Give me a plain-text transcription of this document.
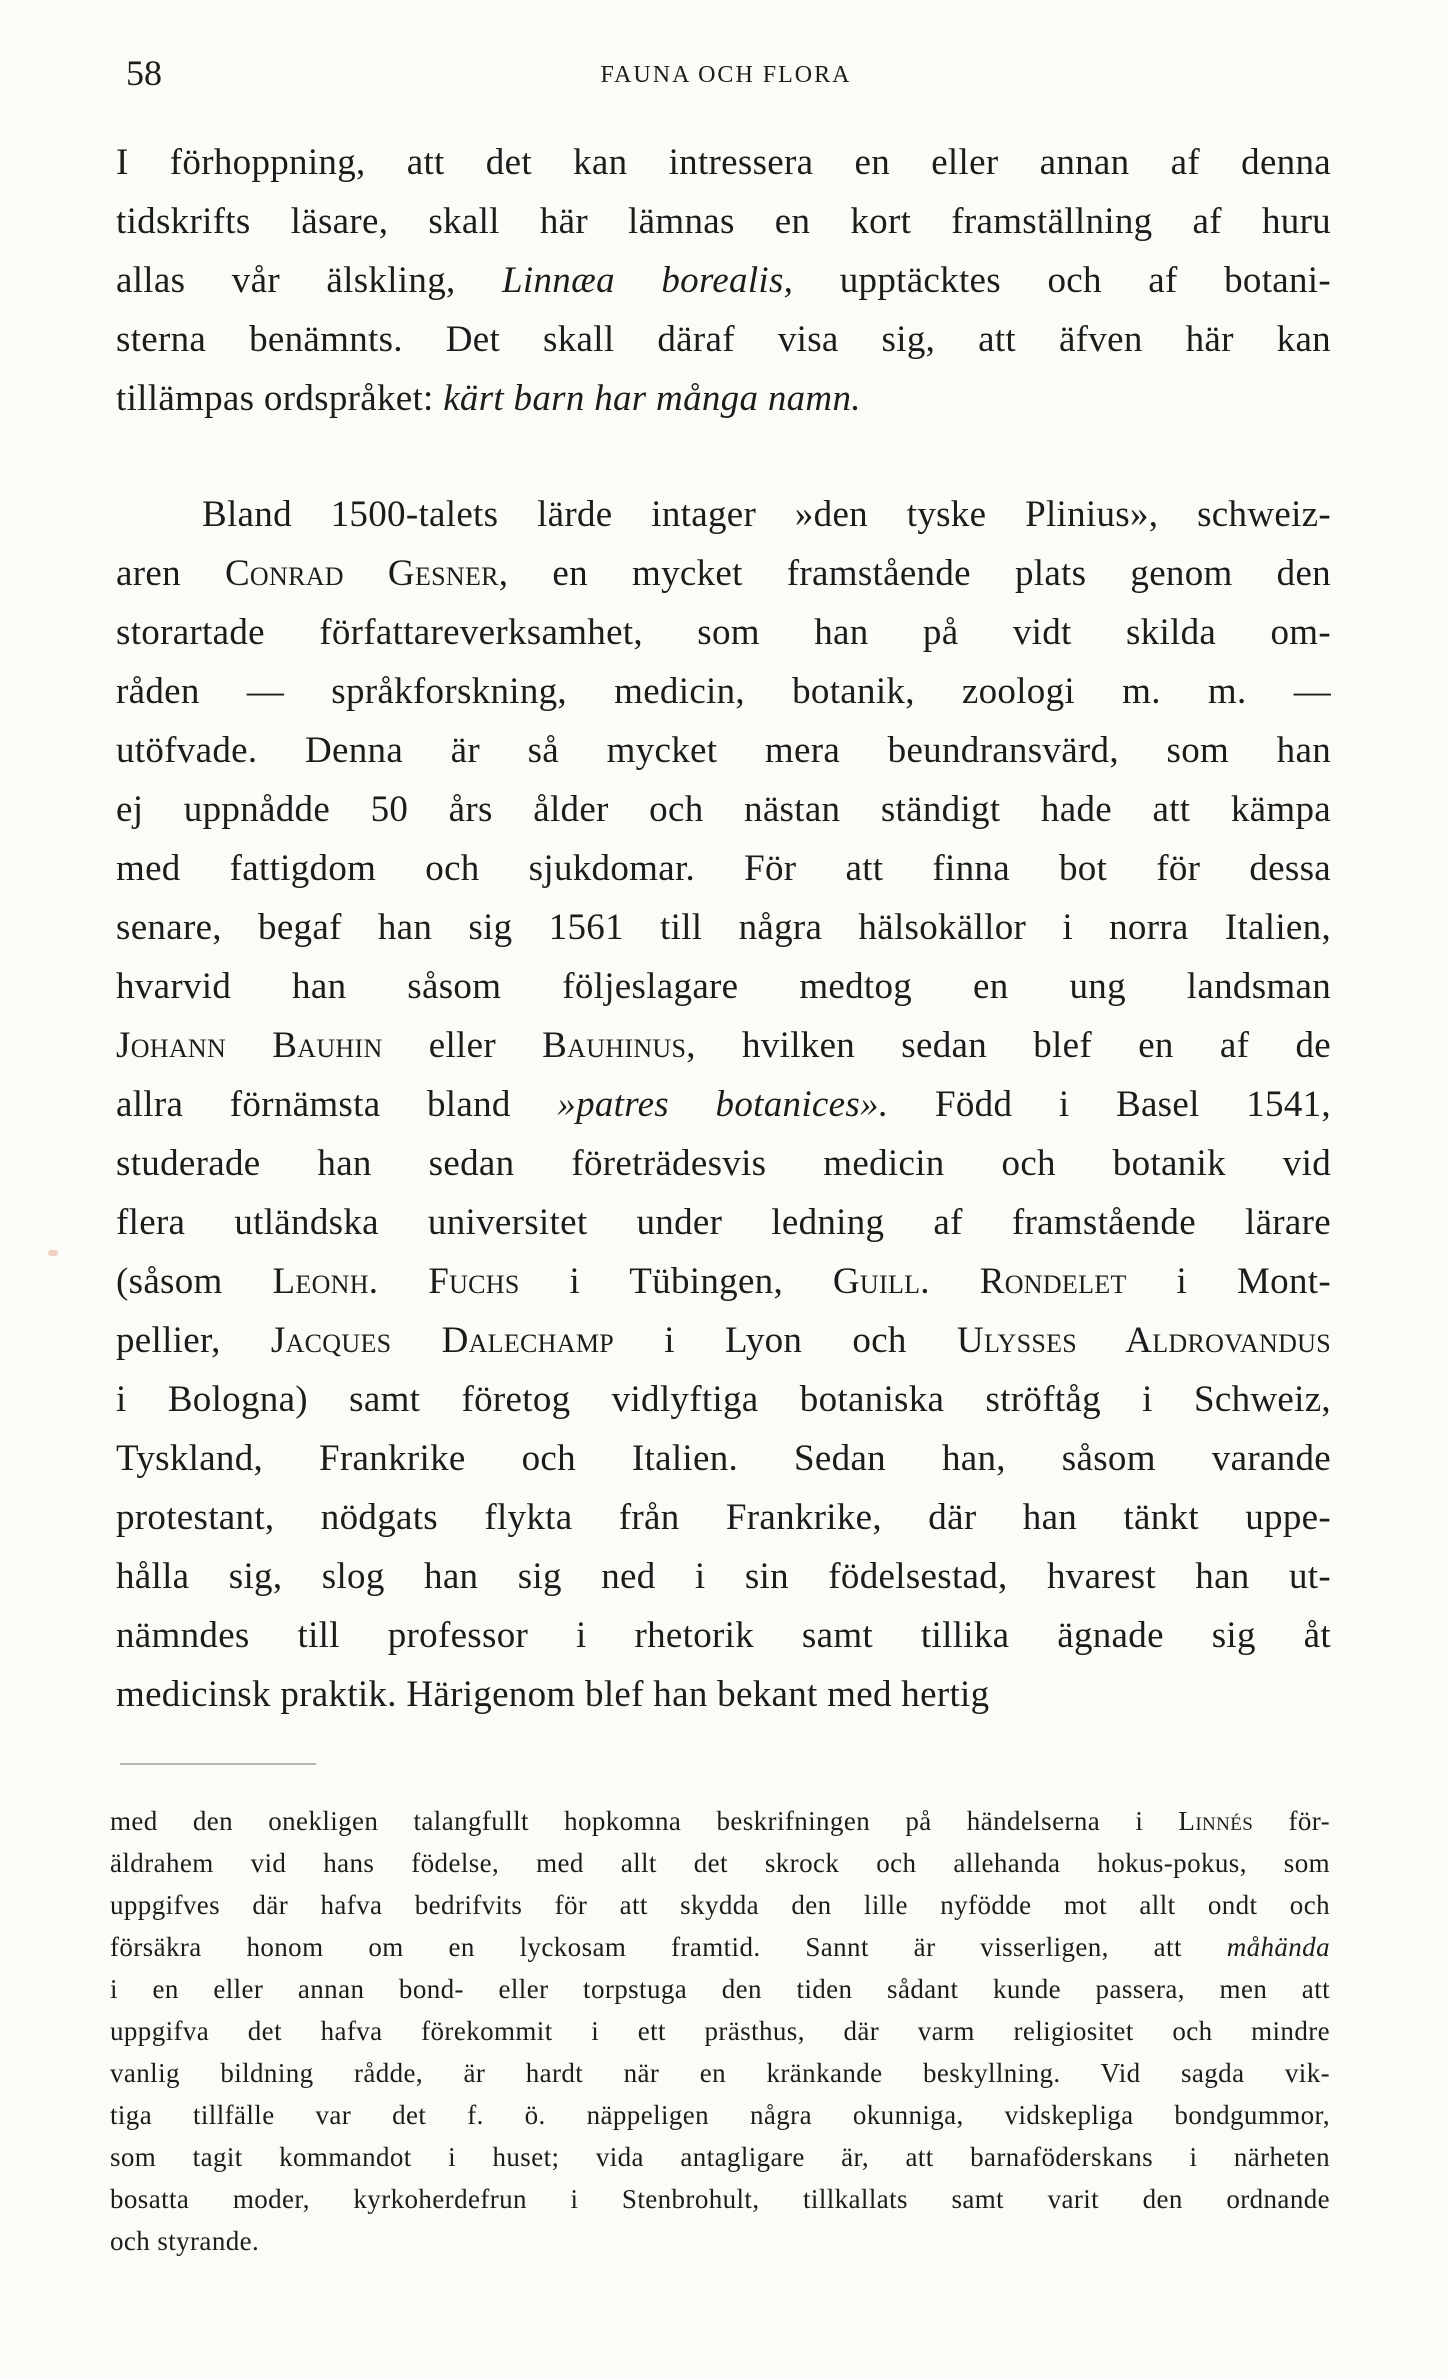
58	FAUNA OCH FLORA
I förhoppning, att det kan intressera en eller annan af denna
tidskrifts läsare, skall här lämnas en kort framställning af huru
allas vår älskling, Linnæa borealis, upptäcktes och af botani-
sterna benämnts. Det skall däraf visa sig, att äfven här kan
tillämpas ordspråket: kärt barn har många namn.
Bland 1500-talets lärde intager »den tyske Plinius», schweiz-
aren Conrad Gesner, en mycket framstående plats genom den
storartade författareverksamhet, som han på vidt skilda om-
råden — språkforskning, medicin, botanik, zoologi m. m. —
utöfvade. Denna är så mycket mera beundransvärd, som han
ej uppnådde 50 års ålder och nästan ständigt hade att kämpa
med fattigdom och sjukdomar. För att finna bot för dessa
senare, begaf han sig 1561 till några hälsokällor i norra Italien,
hvarvid han såsom följeslagare medtog en ung landsman
Johann Bauhin eller Bauhinus, hvilken sedan blef en af de
allra förnämsta bland »patres botanices». Född i Basel 1541,
studerade han sedan företrädesvis medicin och botanik vid
flera utländska universitet under ledning af framstående lärare
(såsom Leonh. Fuchs i Tübingen, Guill. Rondelet i Mont-
pellier, Jacques Dalechamp i Lyon och Ulysses Aldrovandus
i Bologna) samt företog vidlyftiga botaniska ströftåg i Schweiz,
Tyskland, Frankrike och Italien. Sedan han, såsom varande
protestant, nödgats flykta från Frankrike, där han tänkt uppe-
hålla sig, slog han sig ned i sin födelsestad, hvarest han ut-
nämndes till professor i rhetorik samt tillika ägnade sig åt
medicinsk praktik. Härigenom blef han bekant med hertig
med den onekligen talangfullt hopkomna beskrifningen på händelserna i Linnés för-
äldrahem vid hans födelse, med allt det skrock och allehanda hokus-pokus, som
uppgifves där hafva bedrifvits för att skydda den lille nyfödde mot allt ondt och
försäkra honom om en lyckosam framtid. Sannt är visserligen, att måhända
i en eller annan bond- eller torpstuga den tiden sådant kunde passera, men att
uppgifva det hafva förekommit i ett prästhus, där varm religiositet och mindre
vanlig bildning rådde, är hardt när en kränkande beskyllning. Vid sagda vik-
tiga tillfälle var det f. ö. näppeligen några okunniga, vidskepliga bondgummor,
som tagit kommandot i huset; vida antagligare är, att barnaföderskans i närheten
bosatta moder, kyrkoherdefrun i Stenbrohult, tillkallats samt varit den ordnande
och styrande.
